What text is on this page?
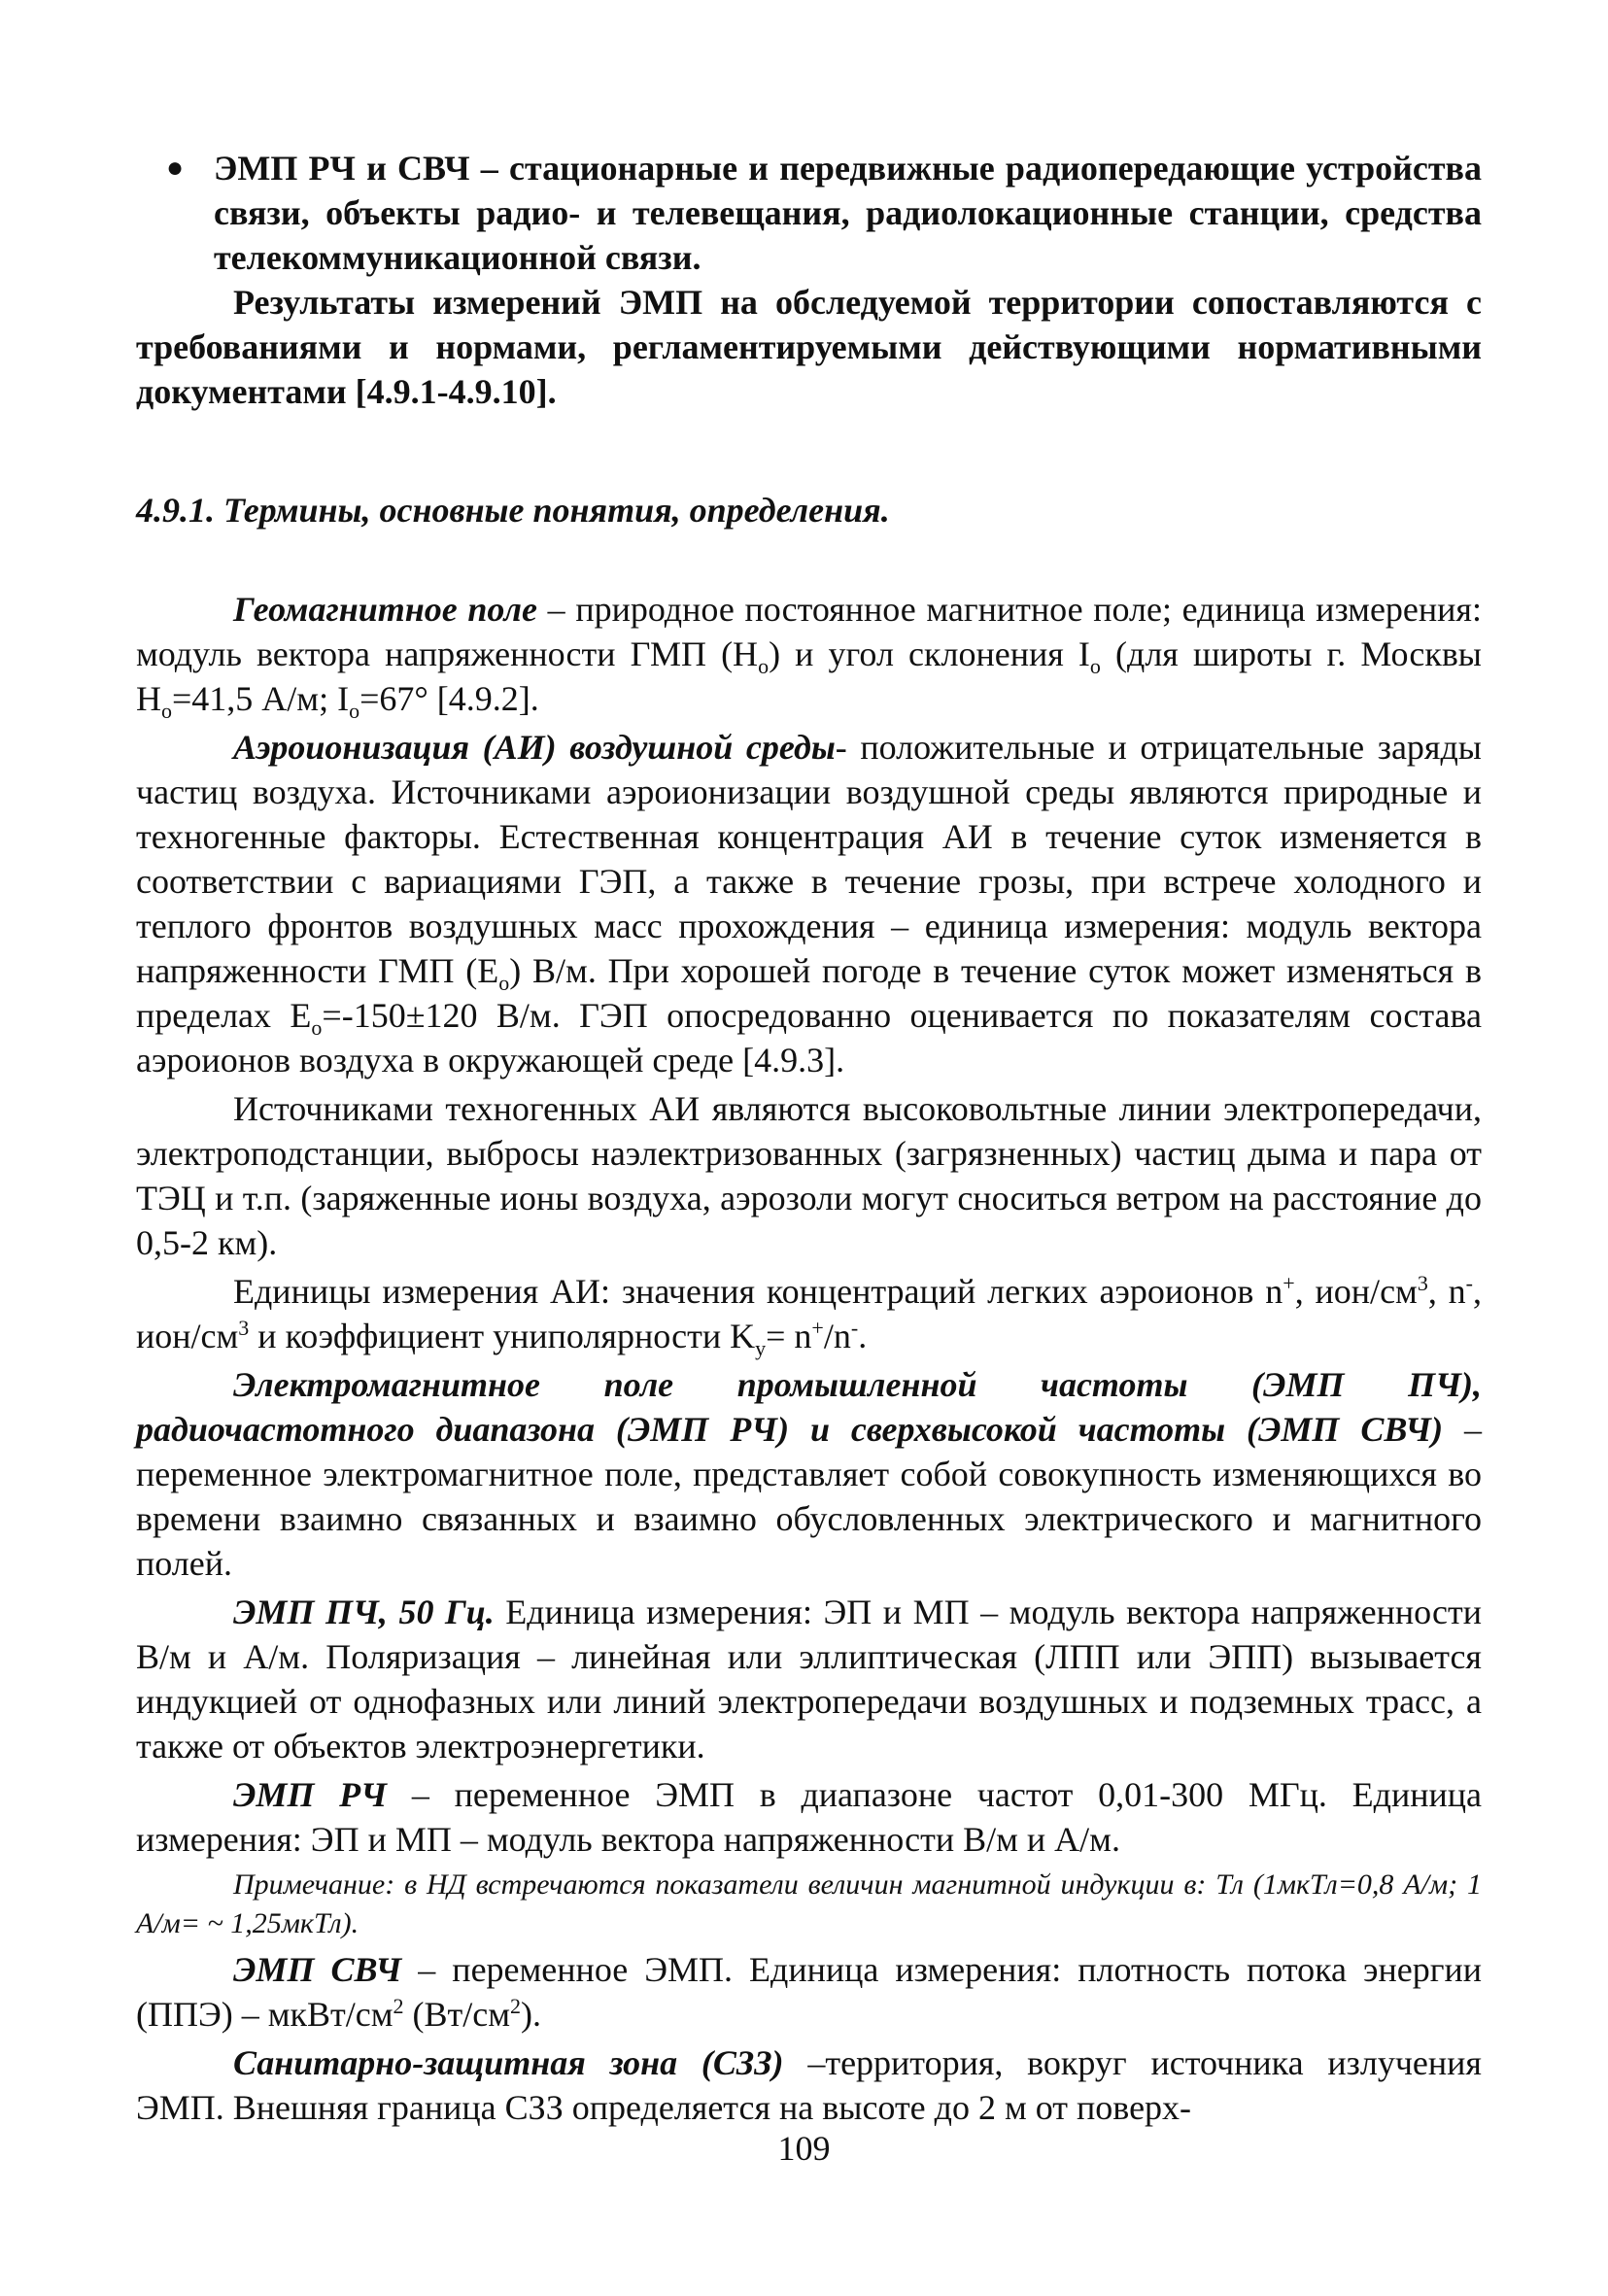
● ЭМП РЧ и СВЧ – стационарные и передвижные радиопередающие устройства связи, объекты радио- и телевещания, радиолокационные станции, средства телекоммуникационной связи.

Результаты измерений ЭМП на обследуемой территории сопоставляются с требованиями и нормами, регламентируемыми действующими нормативными документами [4.9.1-4.9.10].

4.9.1. Термины, основные понятия, определения.

Геомагнитное поле – природное постоянное магнитное поле; единица измерения: модуль вектора напряженности ГМП $(H_o)$ и угол склонения $I_o$ (для широты г. Москвы $H_o=41,5$ А/м; $I_o=67^\circ$ [4.9.2].

Аэроионизация (АИ) воздушной среды- положительные и отрицательные заряды частиц воздуха. Источниками аэроионизации воздушной среды являются природные и техногенные факторы. Естественная концентрация АИ в течение суток изменяется в соответствии с вариациями ГЭП, а также в течение грозы, при встрече холодного и теплого фронтов воздушных масс прохождения – единица измерения: модуль вектора напряженности ГМП $(E_o)$ В/м. При хорошей погоде в течение суток может изменяться в пределах $E_o=-150\pm 120$ В/м. ГЭП опосредованно оценивается по показателям состава аэроионов воздуха в окружающей среде [4.9.3].

Источниками техногенных АИ являются высоковольтные линии электропередачи, электроподстанции, выбросы наэлектризованных (загрязненных) частиц дыма и пара от ТЭЦ и т.п. (заряженные ионы воздуха, аэрозоли могут сноситься ветром на расстояние до 0,5-2 км).

Единицы измерения АИ: значения концентраций легких аэроионов n+, ион/$см^3$, n-, ион/$см^3$ и коэффициент униполярности $K_y= n^+/n^-$.

Электромагнитное поле промышленной частоты (ЭМП ПЧ), радиочастотного диапазона (ЭМП РЧ) и сверхвысокой частоты (ЭМП СВЧ) – переменное электромагнитное поле, представляет собой совокупность изменяющихся во времени взаимно связанных и взаимно обусловленных электрического и магнитного полей.

ЭМП ПЧ, 50 Гц. Единица измерения: ЭП и МП – модуль вектора напряженности В/м и А/м. Поляризация – линейная или эллиптическая (ЛПП или ЭПП) вызывается индукцией от однофазных или линий электропередачи воздушных и подземных трасс, а также от объектов электроэнергетики.

ЭМП РЧ – переменное ЭМП в диапазоне частот 0,01-300 МГц. Единица измерения: ЭП и МП – модуль вектора напряженности В/м и А/м.

Примечание: в НД встречаются показатели величин магнитной индукции в: Тл (1мкТл=0,8 А/м; 1 А/м= ~ 1,25мкТл).

ЭМП СВЧ – переменное ЭМП. Единица измерения: плотность потока энергии (ППЭ) – мкВт/$см^2$ $(Вт/см^2)$.

Санитарно-защитная зона (СЗЗ) –территория, вокруг источника излучения ЭМП. Внешняя граница СЗЗ определяется на высоте до 2 м от поверх-

109
